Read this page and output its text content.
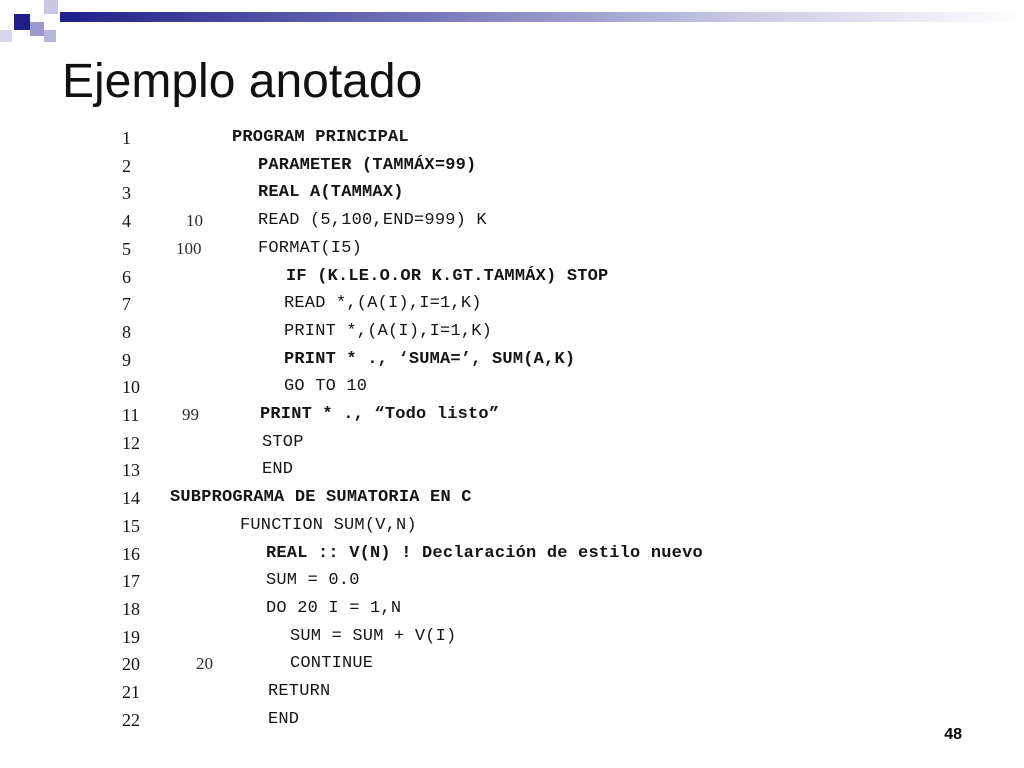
Ejemplo anotado
1	PROGRAM PRINCIPAL
2	PARAMETER (TAMMÁX=99)
3	REAL A(TAMMAX)
4	10	READ (5,100,END=999) K
5	100	FORMAT(I5)
6	IF (K.LE.O.OR K.GT.TAMMÁX) STOP
7	READ *,(A(I),I=1,K)
8	PRINT *,(A(I),I=1,K)
9	PRINT * ., ‘SUMA=’, SUM(A,K)
10	GO TO 10
11	99	PRINT * ., “Todo listo”
12	STOP
13	END
14	SUBPROGRAMA DE SUMATORIA EN C
15	FUNCTION SUM(V,N)
16	REAL :: V(N) ! Declaración de estilo nuevo
17	SUM = 0.0
18	DO 20 I = 1,N
19	SUM = SUM + V(I)
20	20	CONTINUE
21	RETURN
22	END
48
